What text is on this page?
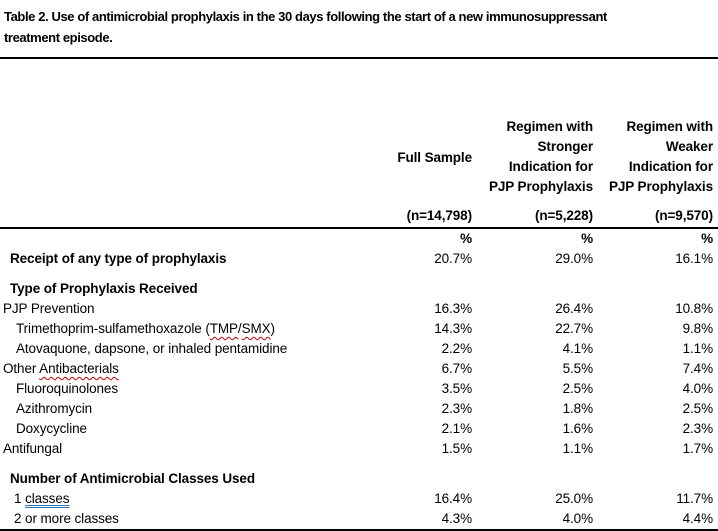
Table 2. Use of antimicrobial prophylaxis in the 30 days following the start of a new immunosuppressant
treatment episode.

Full Sample

Regimen with
Stronger
Indication for
PJP Prophylaxis

Regimen with
Weaker
Indication for
PJP Prophylaxis

	(n=14,798)	(n=5,228)	(n=9,570)
	%	%	%
Receipt of any type of prophylaxis	20.7%	29.0%	16.1%

Type of Prophylaxis Received			
PJP Prevention	16.3%	26.4%	10.8%
Trimethoprim-sulfamethoxazole (TMP/SMX)	14.3%	22.7%	9.8%
Atovaquone, dapsone, or inhaled pentamidine	2.2%	4.1%	1.1%
Other Antibacterials	6.7%	5.5%	7.4%
Fluoroquinolones	3.5%	2.5%	4.0%
Azithromycin	2.3%	1.8%	2.5%
Doxycycline	2.1%	1.6%	2.3%
Antifungal	1.5%	1.1%	1.7%

Number of Antimicrobial Classes Used			
1 classes	16.4%	25.0%	11.7%
2 or more classes	4.3%	4.0%	4.4%
